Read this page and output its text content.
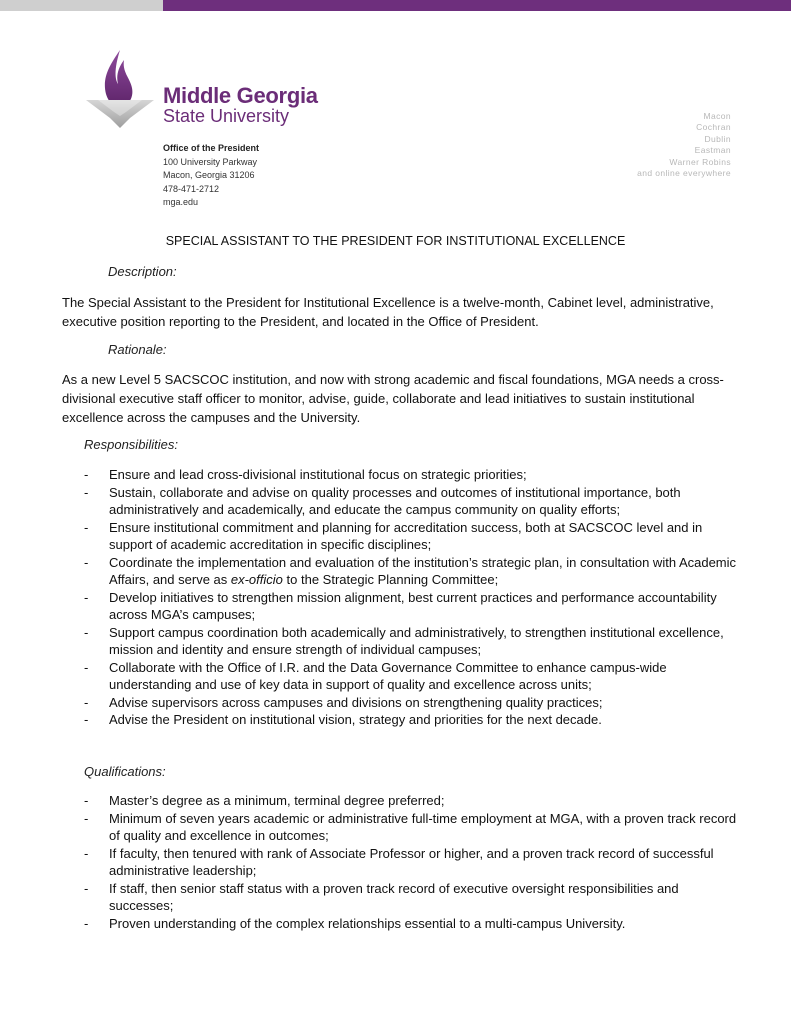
Middle Georgia
State University
Office of the President
100 University Parkway
Macon, Georgia 31206
478-471-2712
mga.edu
Macon
Cochran
Dublin
Eastman
Warner Robins
and online everywhere
SPECIAL ASSISTANT TO THE PRESIDENT FOR INSTITUTIONAL EXCELLENCE
Description:
The Special Assistant to the President for Institutional Excellence is a twelve-month, Cabinet level, administrative, executive position reporting to the President, and located in the Office of President.
Rationale:
As a new Level 5 SACSCOC institution, and now with strong academic and fiscal foundations, MGA needs a cross-divisional executive staff officer to monitor, advise, guide, collaborate and lead initiatives to sustain institutional excellence across the campuses and the University.
Responsibilities:
- Ensure and lead cross-divisional institutional focus on strategic priorities;
- Sustain, collaborate and advise on quality processes and outcomes of institutional importance, both administratively and academically, and educate the campus community on quality efforts;
- Ensure institutional commitment and planning for accreditation success, both at SACSCOC level and in support of academic accreditation in specific disciplines;
- Coordinate the implementation and evaluation of the institution’s strategic plan, in consultation with Academic Affairs, and serve as ex-officio to the Strategic Planning Committee;
- Develop initiatives to strengthen mission alignment, best current practices and performance accountability across MGA’s campuses;
- Support campus coordination both academically and administratively, to strengthen institutional excellence, mission and identity and ensure strength of individual campuses;
- Collaborate with the Office of I.R. and the Data Governance Committee to enhance campus-wide understanding and use of key data in support of quality and excellence across units;
- Advise supervisors across campuses and divisions on strengthening quality practices;
- Advise the President on institutional vision, strategy and priorities for the next decade.
Qualifications:
- Master’s degree as a minimum, terminal degree preferred;
- Minimum of seven years academic or administrative full-time employment at MGA, with a proven track record of quality and excellence in outcomes;
- If faculty, then tenured with rank of Associate Professor or higher, and a proven track record of successful administrative leadership;
- If staff, then senior staff status with a proven track record of executive oversight responsibilities and successes;
- Proven understanding of the complex relationships essential to a multi-campus University.
